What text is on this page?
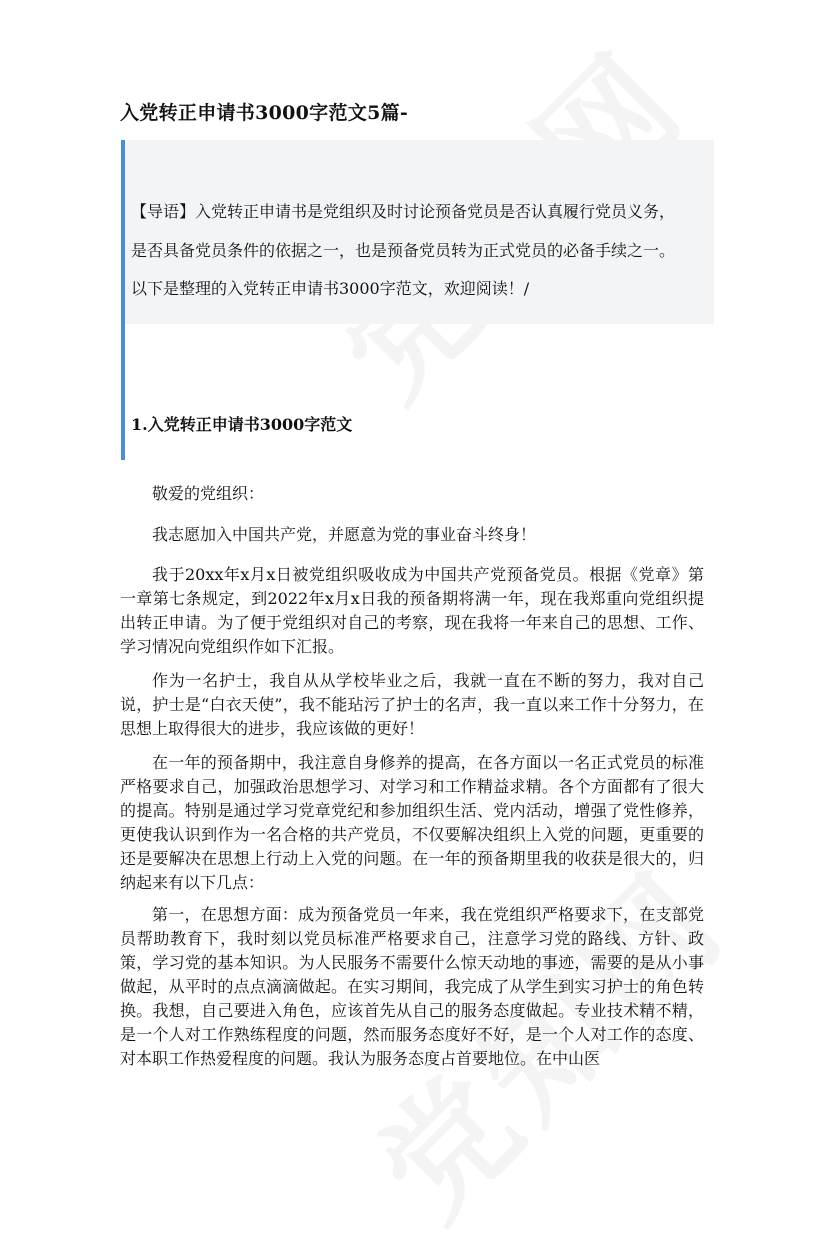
入党转正申请书3000字范文5篇-
【导语】入党转正申请书是党组织及时讨论预备党员是否认真履行党员义务，
是否具备党员条件的依据之一，也是预备党员转为正式党员的必备手续之一。
以下是整理的入党转正申请书3000字范文，欢迎阅读！/
1.入党转正申请书3000字范文

敬爱的党组织：

我志愿加入中国共产党，并愿意为党的事业奋斗终身！

我于20xx年x月x日被党组织吸收成为中国共产党预备党员。根据《党章》第一章第七条规定，到2022年x月x日我的预备期将满一年，现在我郑重向党组织提出转正申请。为了便于党组织对自己的考察，现在我将一年来自己的思想、工作、学习情况向党组织作如下汇报。

作为一名护士，我自从从学校毕业之后，我就一直在不断的努力，我对自己说，护士是“白衣天使”，我不能玷污了护士的名声，我一直以来工作十分努力，在思想上取得很大的进步，我应该做的更好！

在一年的预备期中，我注意自身修养的提高，在各方面以一名正式党员的标准严格要求自己，加强政治思想学习、对学习和工作精益求精。各个方面都有了很大的提高。特别是通过学习党章党纪和参加组织生活、党内活动，增强了党性修养，更使我认识到作为一名合格的共产党员，不仅要解决组织上入党的问题，更重要的还是要解决在思想上行动上入党的问题。在一年的预备期里我的收获是很大的，归纳起来有以下几点：

第一，在思想方面：成为预备党员一年来，我在党组织严格要求下，在支部党员帮助教育下，我时刻以党员标准严格要求自己，注意学习党的路线、方针、政策，学习党的基本知识。为人民服务不需要什么惊天动地的事迹，需要的是从小事做起，从平时的点点滴滴做起。在实习期间，我完成了从学生到实习护士的角色转换。我想，自己要进入角色，应该首先从自己的服务态度做起。专业技术精不精，是一个人对工作熟练程度的问题，然而服务态度好不好，是一个人对工作的态度、对本职工作热爱程度的问题。我认为服务态度占首要地位。在中山医
